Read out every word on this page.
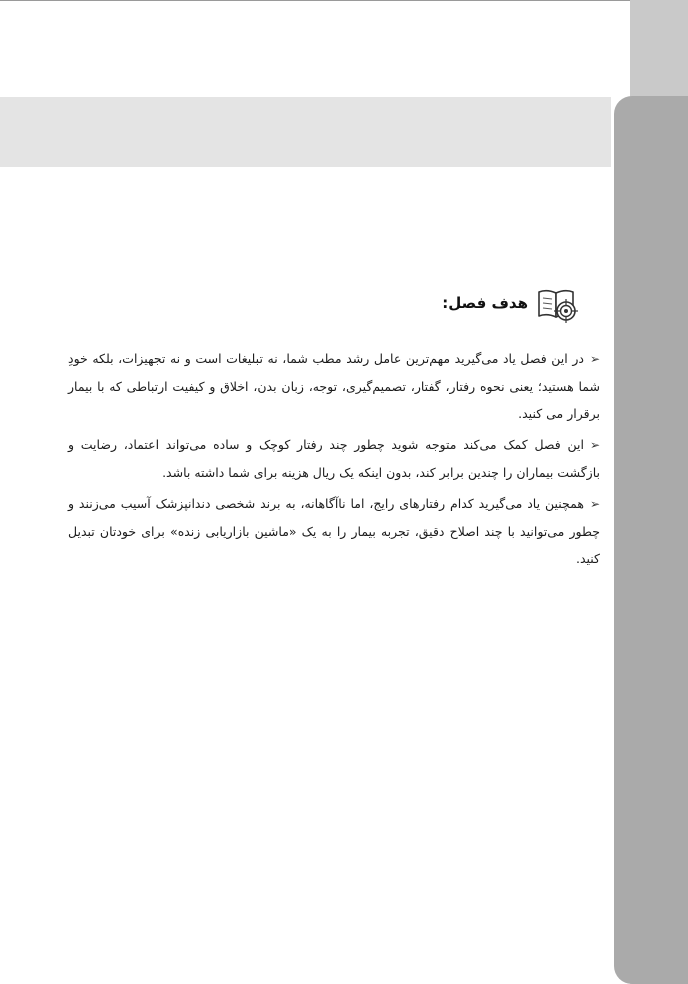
هدف فصل:

➢در این فصل یاد می‌گیرید مهم‌ترین عامل رشد مطب شما، نه تبلیغات است و نه تجهیزات، بلکه خودِ شما هستید؛ یعنی نحوه رفتار، گفتار، تصمیم‌گیری، توجه، زبان بدن، اخلاق و کیفیت ارتباطی که با بیمار برقرار می کنید.

➢این فصل کمک می‌کند متوجه شوید چطور چند رفتار کوچک و ساده می‌تواند اعتماد، رضایت و بازگشت بیماران را چندین برابر کند، بدون اینکه یک ریال هزینه برای شما داشته باشد.

➢همچنین یاد می‌گیرید کدام رفتارهای رایج، اما ناآگاهانه، به برند شخصی دندانپزشک آسیب می‌زنند و چطور می‌توانید با چند اصلاح دقیق، تجربه بیمار را به یک «ماشین بازاریابی زنده» برای خودتان تبدیل کنید.
